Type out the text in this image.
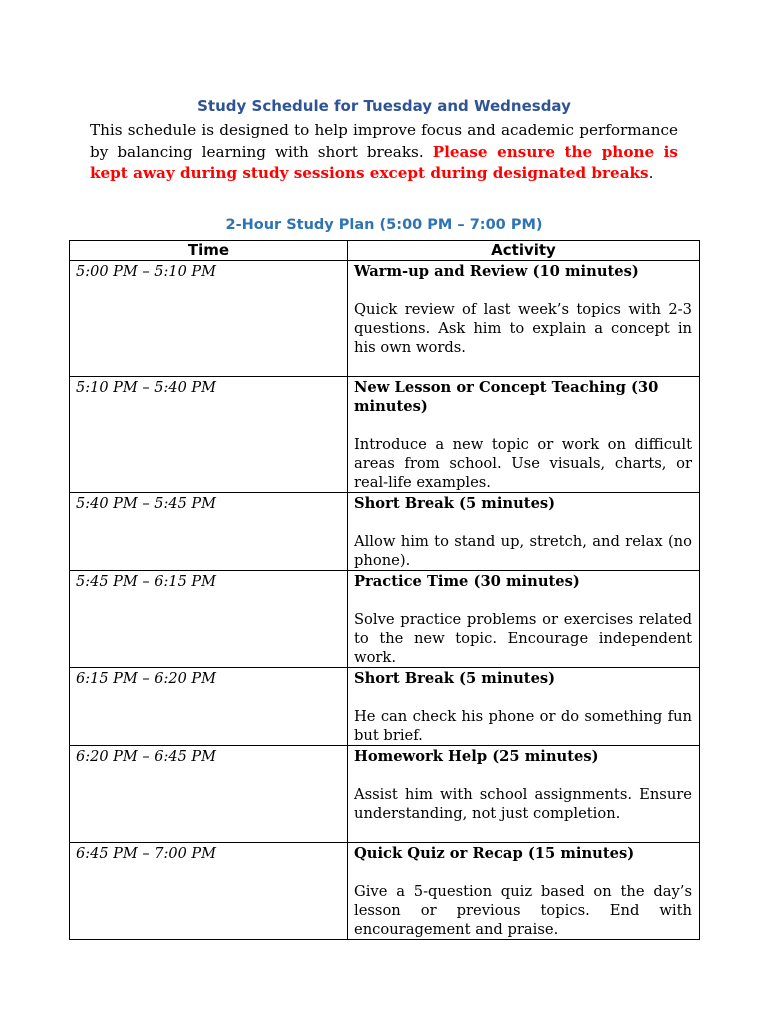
Study Schedule for Tuesday and Wednesday

This schedule is designed to help improve focus and academic performance by balancing learning with short breaks. Please ensure the phone is kept away during study sessions except during designated breaks.

2-Hour Study Plan (5:00 PM – 7:00 PM)
Time	Activity
5:00 PM – 5:10 PM	Warm-up and Review (10 minutes)

Quick review of last week’s topics with 2-3 questions. Ask him to explain a concept in his own words.

5:10 PM – 5:40 PM	New Lesson or Concept Teaching (30 minutes)

Introduce a new topic or work on difficult areas from school. Use visuals, charts, or real-life examples.

5:40 PM – 5:45 PM	Short Break (5 minutes)

Allow him to stand up, stretch, and relax (no phone).

5:45 PM – 6:15 PM	Practice Time (30 minutes)

Solve practice problems or exercises related to the new topic. Encourage independent work.

6:15 PM – 6:20 PM	Short Break (5 minutes)

He can check his phone or do something fun but brief.

6:20 PM – 6:45 PM	Homework Help (25 minutes)

Assist him with school assignments. Ensure understanding, not just completion.

6:45 PM – 7:00 PM	Quick Quiz or Recap (15 minutes)

Give a 5-question quiz based on the day’s lesson or previous topics. End with encouragement and praise.
